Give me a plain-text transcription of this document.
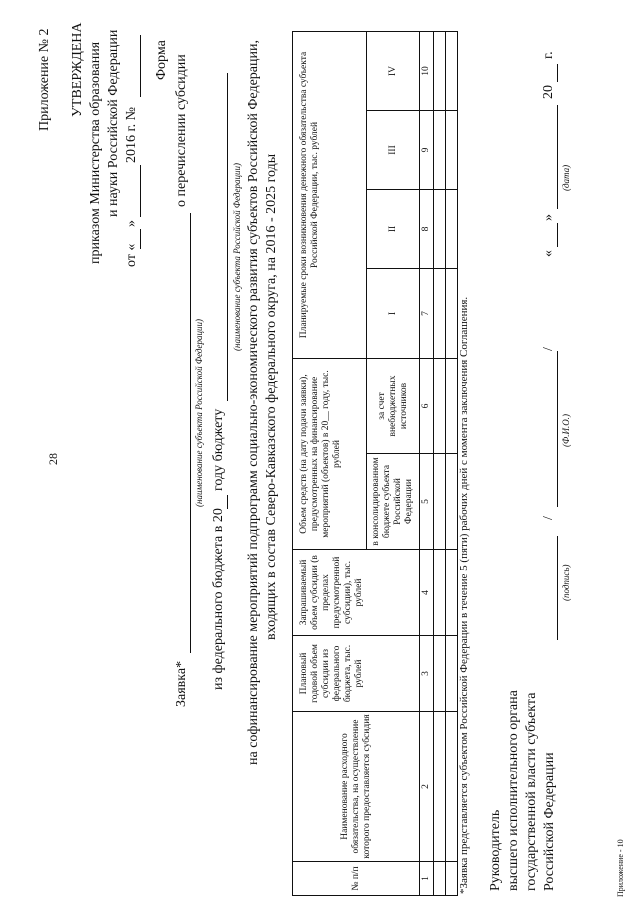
28
Приложение № 2 УТВЕРЖДЕНА приказом Министерства образования и науки Российской Федерации
от «
»
2016 г. №
Форма
Заявка*
(наименование субъекта Российской Федерации)
о перечислении субсидии
из федерального бюджета в 20
году бюджету
(наименование субъекта Российской Федерации) на софинансирование мероприятий подпрограмм социально-экономического развития субъектов Российской Федерации, входящих в состав Северо-Кавказского федерального округа, на 2016 - 2025 годы
№ п/п	Наименование расходного обязательства, на осуществление которого предоставляется субсидия	Плановый годовой объем субсидии из федерального бюджета, тыс. рублей	Запрашиваемый объем субсидии (в пределах предусмотренной субсидии), тыс. рублей	Объем средств (на дату подачи заявки), предусмотренных на финансирование мероприятий (объектов) в 20__ году, тыс. рублей		Планируемые сроки возникновения денежного обязательства субъекта Российской Федерации, тыс. рублей			
				в консолидированном бюджете субъекта Российской Федерации	за счет внебюджетных источников	I	II	III	IV
1	2	3	4	5	6	7	8	9	10

*Заявка представляется субъектом Российской Федерации в течение 5 (пяти) рабочих дней с момента заключения Соглашения. Руководитель высшего исполнительного органа государственной власти субъекта Российской Федерации
(подпись)
/
(Ф.И.О.)
/
«
»
(дата)
20
г.
Приложение - 10
